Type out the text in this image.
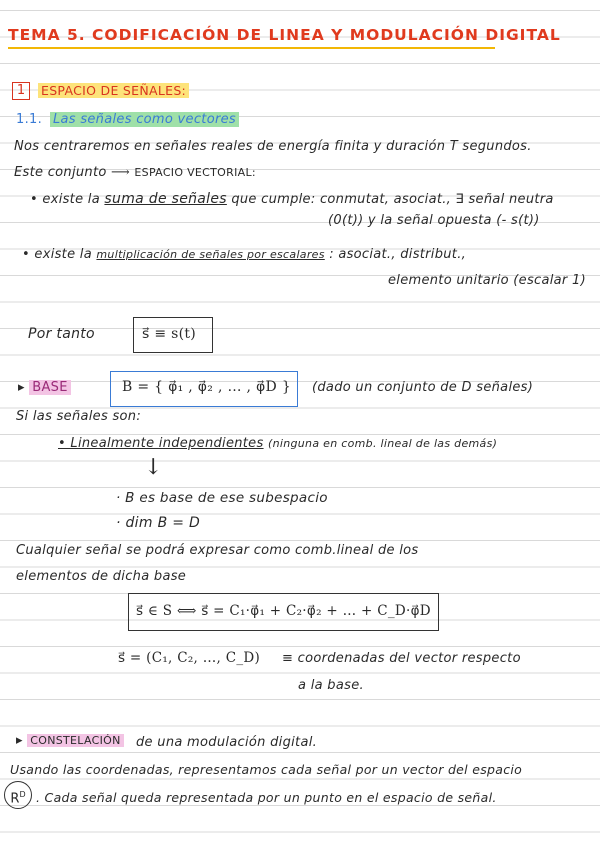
TEMA 5. CODIFICACIÓN DE LINEA Y MODULACIÓN DIGITAL
1	ESPACIO DE SEÑALES:
1.1. Las señales como vectores
Nos centraremos en señales reales de energía finita y duración T segundos.
Este conjunto ⟶ ESPACIO VECTORIAL:
• existe la suma de señales que cumple: conmutat, asociat., ∃ señal neutra
(0(t)) y la señal opuesta (- s(t))
• existe la multiplicación de señales por escalares : asociat., distribut.,
elemento unitario (escalar 1)
Por tanto	s⃗ ≡ s(t)
▸ BASE	B = { φ⃗₁ , φ⃗₂ , … , φ⃗D } (dado un conjunto de D señales)
Si las señales son:
• Linealmente independientes (ninguna en comb. lineal de las demás)
↓
· B es base de ese subespacio
· dim B = D
Cualquier señal se podrá expresar como comb.lineal de los
elementos de dicha base
s⃗ ∈ S ⟺ s⃗ = C₁·φ⃗₁ + C₂·φ⃗₂ + … + C_D·φ⃗D
s⃗ = (C₁, C₂, …, C_D) ≡ coordenadas del vector respecto
a la base.
▸ CONSTELACIÓN de una modulación digital.
Usando las coordenadas, representamos cada señal por un vector del espacio
$R^D$ . Cada señal queda representada por un punto en el espacio de señal.
